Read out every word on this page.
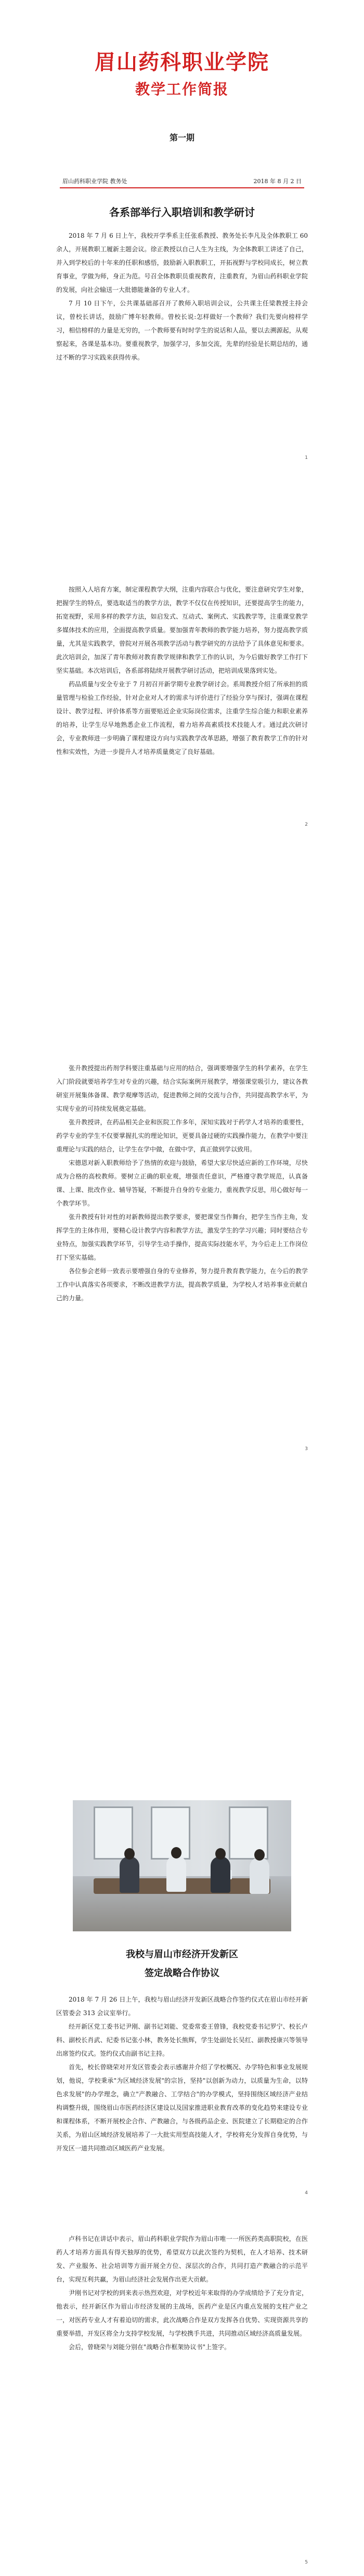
眉山药科职业学院
教学工作简报
第一期
眉山药科职业学院 教务处	2018 年 8 月 2 日
各系部举行入职培训和教学研讨

2018 年 7 月 6 日上午，我校开学季系主任张系教授、教务处长李凡及全体教职工 60 余人，开展教职工履新主题会议。徐正教授以自己人生为主线，为全体教职工讲述了自己，并入到学校后的十年来的任职和感悟，鼓励新入职教职工，开拓视野与学校同成长，树立教育事业，学做为师，身正为范。号召全体教职员重视教育，注重教育，为眉山药科职业学院的发展，向社会输送一大批德能兼备的专业人才。

7 月 10 日下午，公共课基础部召开了教师入职培训会议，公共课主任梁教授主持会议，曾校长讲话，鼓励广博年轻教师。曾校长说:怎样做好一个教师？我们先要向榜样学习，相信榜样的力量是无穷的，一个教师要有时时学生的说话和人品，要以去溯源起，从观察起来，各课是基本功。要重视教学，加强学习，多加交流，先辈的经验是长期总结的，通过不断的学习实践来获得传承。

1

按照入人培育方案，制定课程教学大纲，注重内容联合与优化，要注意研究学生对象，把握学生的特点，要选取适当的教学方法，教学不仅仅在传授知识，还要提高学生的能力，拓宽视野，采用多样的教学方法，如启发式、互动式、案例式、实践教学等，注重课堂教学多媒体技术的应用，全面提高教学质量。要加强青年教师的教学能力培养，努力提高教学质量，尤其是实践教学，曾院对开展各项教学活动与教学研究的方法给予了具体意见和要求。此次培训会，加深了青年教师对教育教学规律和教学工作的认识，为今后做好教学工作打下坚实基础。本次培训后，各系部将陆续开展教学研讨活动，把培训成果落到实处。

药品质量与安全专业于 7 月初召开新学期专业教学研讨会。系周教授介绍了所承担的质量管理与检验工作经验，针对企业对人才的需求与评价进行了经验分享与探讨，强调在课程设计、教学过程、评价体系等方面要贴近企业实际岗位需求，注重学生综合能力和职业素养的培养，让学生尽早地熟悉企业工作流程，着力培养高素质技术技能人才。通过此次研讨会，专业教师进一步明确了课程建设方向与实践教学改革思路，增强了教育教学工作的针对性和实效性，为进一步提升人才培养质量奠定了良好基础。

2

张升教授提出药剂学科要注重基础与应用的结合，强调要增强学生的科学素养，在学生入门阶段就要培养学生对专业的兴趣，结合实际案例开展教学，增强课堂吸引力，建议各教研室开展集体备课、教学观摩等活动，促进教师之间的交流与合作，共同提高教学水平，为实现专业的可持续发展奠定基础。

张升教授讲，在药品相关企业和医院工作多年，深知实践对于药学人才培养的重要性，药学专业的学生不仅要掌握扎实的理论知识，更要具备过硬的实践操作能力，在教学中要注重理论与实践的结合，让学生在学中做，在做中学，真正做到学以致用。

宋德恩对新入职教师给予了热情的欢迎与鼓励，希望大家尽快适应新的工作环境，尽快成为合格的高校教师。要树立正确的职业观，增强责任意识，严格遵守教学规范，认真备课、上课、批改作业、辅导答疑，不断提升自身的专业能力，重视教学反思，用心做好每一个教学环节。

张升教授有针对性的对新教师提出教学要求，要把课堂当作舞台，把学生当作主角，发挥学生的主体作用，要精心设计教学内容和教学方法，激发学生的学习兴趣；同时要结合专业特点，加强实践教学环节，引导学生动手操作，提高实际技能水平，为今后走上工作岗位打下坚实基础。

各位参会老师一致表示要增强自身的专业修养，努力提升教育教学能力，在今后的教学工作中认真落实各项要求，不断改进教学方法，提高教学质量，为学校人才培养事业贡献自己的力量。

3
我校与眉山市经济开发新区
签定战略合作协议

2018 年 7 月 26 日上午，我校与眉山经济开发新区战略合作签约仪式在眉山市经开新区管委会 313 会议室举行。

经开新区党工委书记尹刚、副书记刘能、党委常委王曾锋，我校党委书记罗宁、校长卢科、副校长肖武、纪委书记张小林，教务处长熊辉，学生处副处长吴红、副教授康兴等领导出席签约仪式。签约仪式由副书记主持。

首先，校长曾晓荣对开发区管委会表示感谢并介绍了学校概况、办学特色和事业发展规划，他说，学校秉承"为区域经济发展"的宗旨，坚持"以创新为动力，以质量为生命，以特色求发展"的办学理念，确立"产教融合、工学结合"的办学模式，坚持围绕区域经济产业结构调整升级，围绕眉山市医药经济区建设以及国家推进职业教育改革的变化趋势来建设专业和课程体系，不断开展校企合作、产教融合，与各级药品企业、医院建立了长期稳定的合作关系，为眉山区域经济发展培养了一大批实用型高技能人才，学校将充分发挥自身优势，与开发区一道共同推动区域医药产业发展。

4

卢科书记在讲话中表示，眉山药科职业学院作为眉山市唯一一所医药类高职院校，在医药人才培养方面具有得天独厚的优势，希望双方以此次签约为契机，在人才培养、技术研发、产业服务、社会培训等方面开展全方位、深层次的合作，共同打造产教融合的示范平台，实现互利共赢，为眉山经济社会发展作出更大贡献。

尹刚书记对学校的到来表示热烈欢迎，对学校近年来取得的办学成绩给予了充分肯定，他表示，经开新区作为眉山市经济发展的主战场，医药产业是区内重点发展的支柱产业之一，对医药专业人才有着迫切的需求，此次战略合作是双方发挥各自优势、实现资源共享的重要举措，开发区将全力支持学校发展，与学校携手共进，共同推动区域经济高质量发展。

会后，曾晓荣与刘能分别在"战略合作框架协议书"上签字。

5
